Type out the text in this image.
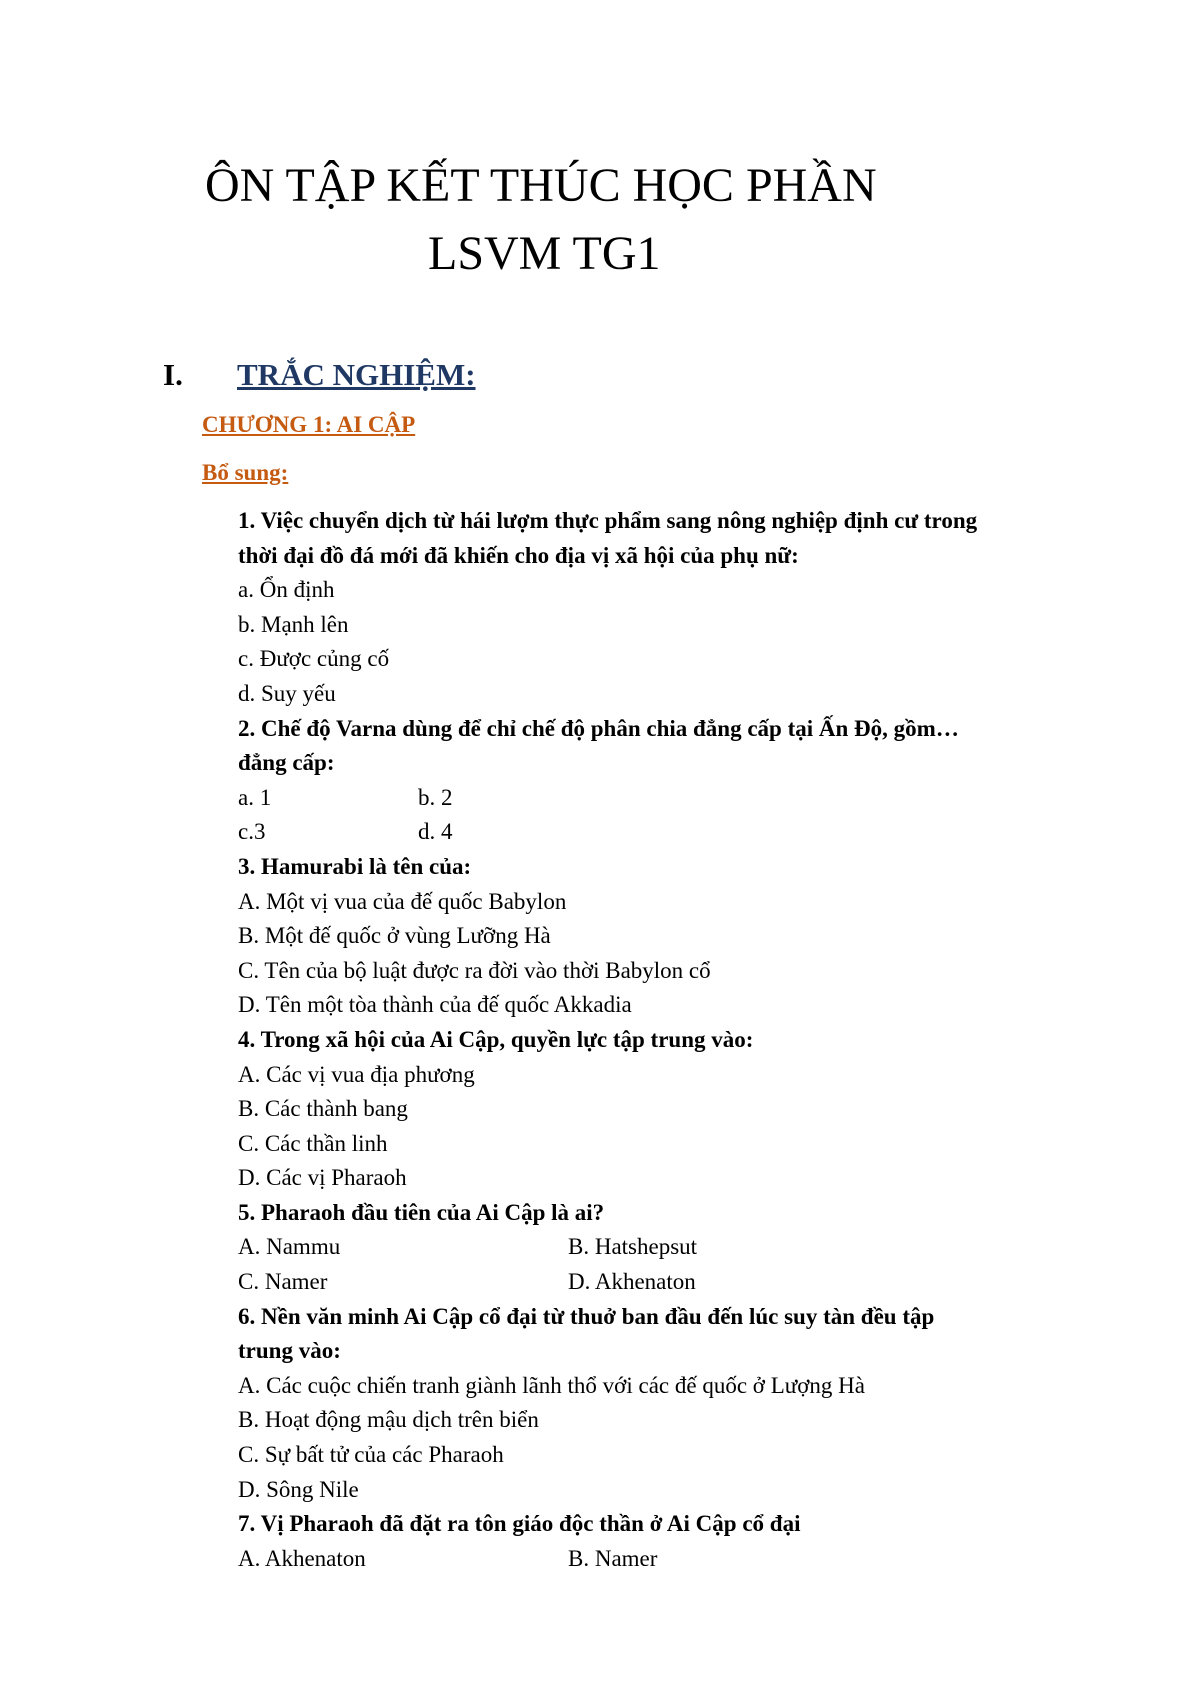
ÔN TẬP KẾT THÚC HỌC PHẦN
LSVM TG1
I. TRẮC NGHIỆM:
CHƯƠNG 1: AI CẬP
Bổ sung:
1. Việc chuyển dịch từ hái lượm thực phẩm sang nông nghiệp định cư trong
thời đại đồ đá mới đã khiến cho địa vị xã hội của phụ nữ:
a. Ổn định
b. Mạnh lên
c. Được củng cố
d. Suy yếu
2. Chế độ Varna dùng để chỉ chế độ phân chia đẳng cấp tại Ấn Độ, gồm…
đẳng cấp:
a. 1	b. 2
c.3	d. 4
3. Hamurabi là tên của:
A. Một vị vua của đế quốc Babylon
B. Một đế quốc ở vùng Lưỡng Hà
C. Tên của bộ luật được ra đời vào thời Babylon cổ
D. Tên một tòa thành của đế quốc Akkadia
4. Trong xã hội của Ai Cập, quyền lực tập trung vào:
A. Các vị vua địa phương
B. Các thành bang
C. Các thần linh
D. Các vị Pharaoh
5. Pharaoh đầu tiên của Ai Cập là ai?
A. Nammu	B. Hatshepsut
C. Namer	D. Akhenaton
6. Nền văn minh Ai Cập cổ đại từ thuở ban đầu đến lúc suy tàn đều tập
trung vào:
A. Các cuộc chiến tranh giành lãnh thổ với các đế quốc ở Lượng Hà
B. Hoạt động mậu dịch trên biển
C. Sự bất tử của các Pharaoh
D. Sông Nile
7. Vị Pharaoh đã đặt ra tôn giáo độc thần ở Ai Cập cổ đại
A. Akhenaton	B. Namer
